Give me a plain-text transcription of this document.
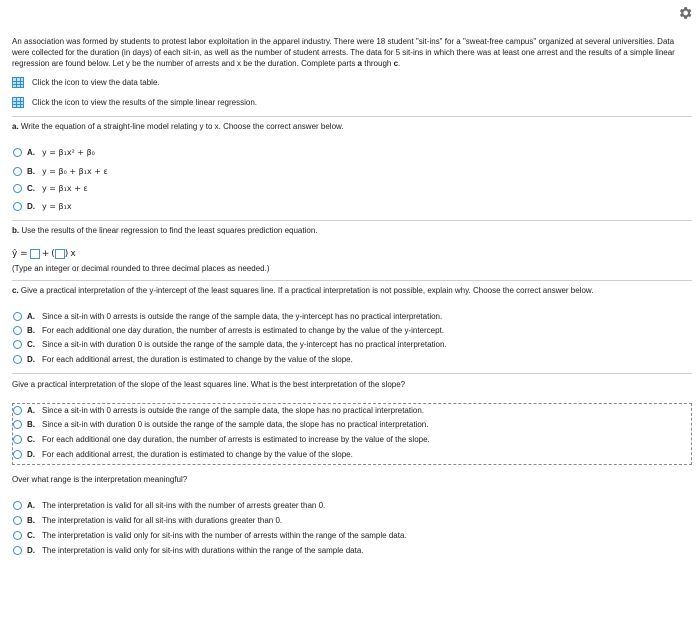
An association was formed by students to protest labor exploitation in the apparel industry. There were 18 student "sit-ins" for a "sweat-free campus" organized at several universities. Data were collected for the duration (in days) of each sit-in, as well as the number of student arrests. The data for 5 sit-ins in which there was at least one arrest and the results of a simple linear regression are found below. Let y be the number of arrests and x be the duration. Complete parts a through c.
Click the icon to view the data table.
Click the icon to view the results of the simple linear regression.
a. Write the equation of a straight-line model relating y to x. Choose the correct answer below.
A. y = β₁x² + β₀
B. y = β₀ + β₁x + ε
C. y = β₁x + ε
D. y = β₁x
b. Use the results of the linear regression to find the least squares prediction equation.
ŷ = + ( ) x
(Type an integer or decimal rounded to three decimal places as needed.)
c. Give a practical interpretation of the y-intercept of the least squares line. If a practical interpretation is not possible, explain why. Choose the correct answer below.
A. Since a sit-in with 0 arrests is outside the range of the sample data, the y-intercept has no practical interpretation.
B. For each additional one day duration, the number of arrests is estimated to change by the value of the y-intercept.
C. Since a sit-in with duration 0 is outside the range of the sample data, the y-intercept has no practical interpretation.
D. For each additional arrest, the duration is estimated to change by the value of the slope.
Give a practical interpretation of the slope of the least squares line. What is the best interpretation of the slope?
A. Since a sit-in with 0 arrests is outside the range of the sample data, the slope has no practical interpretation.
B. Since a sit-in with duration 0 is outside the range of the sample data, the slope has no practical interpretation.
C. For each additional one day duration, the number of arrests is estimated to increase by the value of the slope.
D. For each additional arrest, the duration is estimated to change by the value of the slope.
Over what range is the interpretation meaningful?
A. The interpretation is valid for all sit-ins with the number of arrests greater than 0.
B. The interpretation is valid for all sit-ins with durations greater than 0.
C. The interpretation is valid only for sit-ins with the number of arrests within the range of the sample data.
D. The interpretation is valid only for sit-ins with durations within the range of the sample data.
